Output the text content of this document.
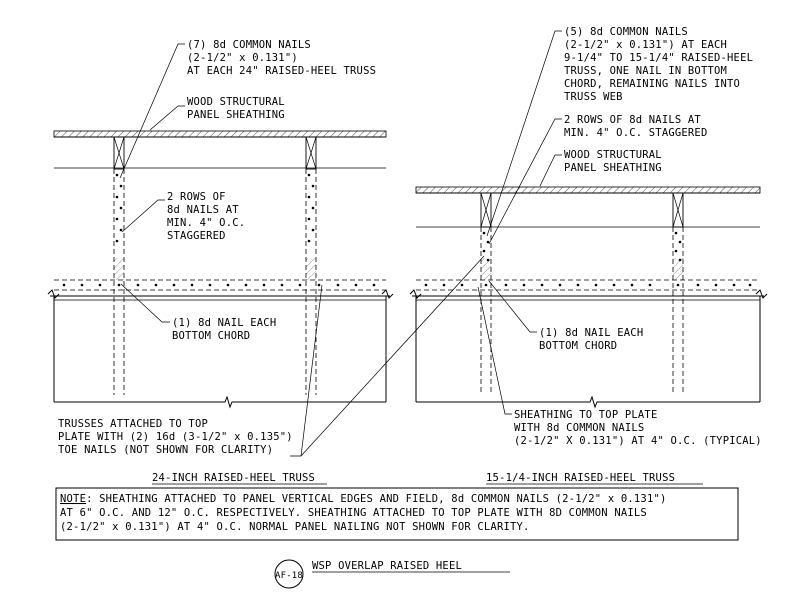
(7) 8d COMMON NAILS
(2-1/2" x 0.131")
AT EACH 24" RAISED-HEEL TRUSS
WOOD STRUCTURAL
PANEL SHEATHING
2 ROWS OF
8d NAILS AT
MIN. 4" O.C.
STAGGERED
(1) 8d NAIL EACH
BOTTOM CHORD
TRUSSES ATTACHED TO TOP
PLATE WITH (2) 16d (3-1/2" x 0.135")
TOE NAILS (NOT SHOWN FOR CLARITY)
(5) 8d COMMON NAILS
(2-1/2" x 0.131") AT EACH
9-1/4" TO 15-1/4" RAISED-HEEL
TRUSS, ONE NAIL IN BOTTOM
CHORD, REMAINING NAILS INTO
TRUSS WEB
2 ROWS OF 8d NAILS AT
MIN. 4" O.C. STAGGERED
WOOD STRUCTURAL
PANEL SHEATHING
(1) 8d NAIL EACH
BOTTOM CHORD
SHEATHING TO TOP PLATE
WITH 8d COMMON NAILS
(2-1/2" X 0.131") AT 4" O.C. (TYPICAL)
24-INCH RAISED-HEEL TRUSS	15-1/4-INCH RAISED-HEEL TRUSS
NOTE: SHEATHING ATTACHED TO PANEL VERTICAL EDGES AND FIELD, 8d COMMON NAILS (2-1/2" x 0.131")
AT 6" O.C. AND 12" O.C. RESPECTIVELY. SHEATHING ATTACHED TO TOP PLATE WITH 8D COMMON NAILS
(2-1/2" x 0.131") AT 4" O.C. NORMAL PANEL NAILING NOT SHOWN FOR CLARITY.
AF-18
WSP OVERLAP RAISED HEEL
